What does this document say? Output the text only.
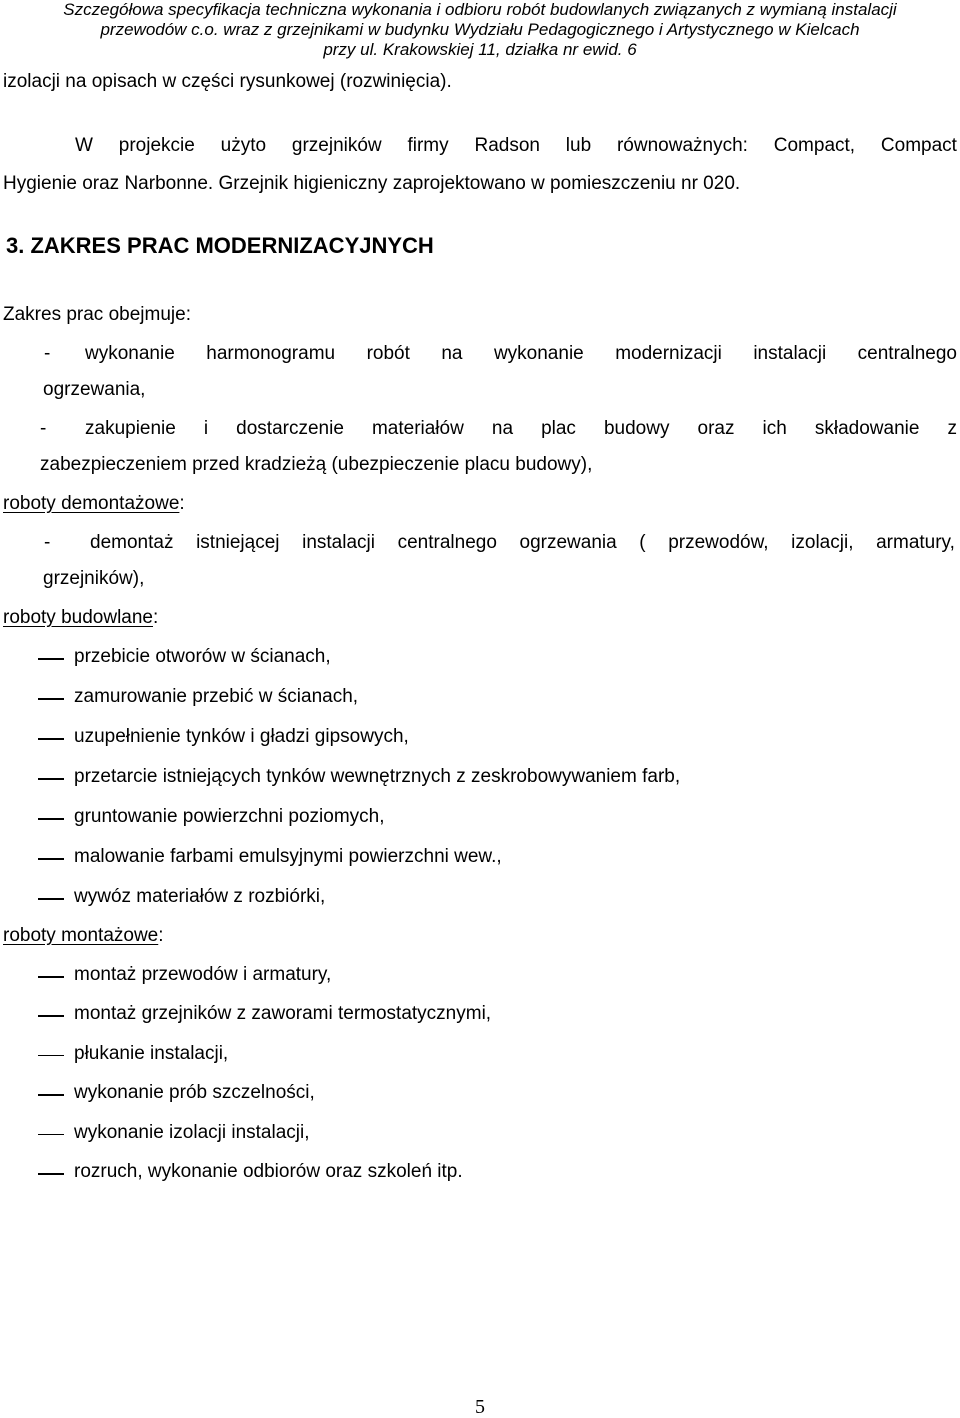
Szczegółowa specyfikacja techniczna wykonania i odbioru robót budowlanych związanych z wymianą instalacji
przewodów c.o. wraz z grzejnikami w budynku Wydziału Pedagogicznego i Artystycznego w Kielcach
przy ul. Krakowskiej 11, działka nr ewid. 6
izolacji na opisach w części rysunkowej (rozwinięcia).
W projekcie użyto grzejników firmy Radson lub równoważnych: Compact, Compact
Hygienie oraz Narbonne. Grzejnik higieniczny zaprojektowano w pomieszczeniu nr 020.
3. ZAKRES PRAC MODERNIZACYJNYCH
Zakres prac obejmuje:
- wykonanie harmonogramu robót na wykonanie modernizacji instalacji centralnego
ogrzewania,
- zakupienie i dostarczenie materiałów na plac budowy oraz ich składowanie z
zabezpieczeniem przed kradzieżą (ubezpieczenie placu budowy),
roboty demontażowe:
- demontaż istniejącej instalacji centralnego ogrzewania ( przewodów, izolacji, armatury,
grzejników),
roboty budowlane:
przebicie otworów w ścianach,
zamurowanie przebić w ścianach,
uzupełnienie tynków i gładzi gipsowych,
przetarcie istniejących tynków wewnętrznych z zeskrobowywaniem farb,
gruntowanie powierzchni poziomych,
malowanie farbami emulsyjnymi powierzchni wew.,
wywóz materiałów z rozbiórki,
roboty montażowe:
montaż przewodów i armatury,
montaż grzejników z zaworami termostatycznymi,
płukanie instalacji,
wykonanie prób szczelności,
wykonanie izolacji instalacji,
rozruch, wykonanie odbiorów oraz szkoleń itp.
5
